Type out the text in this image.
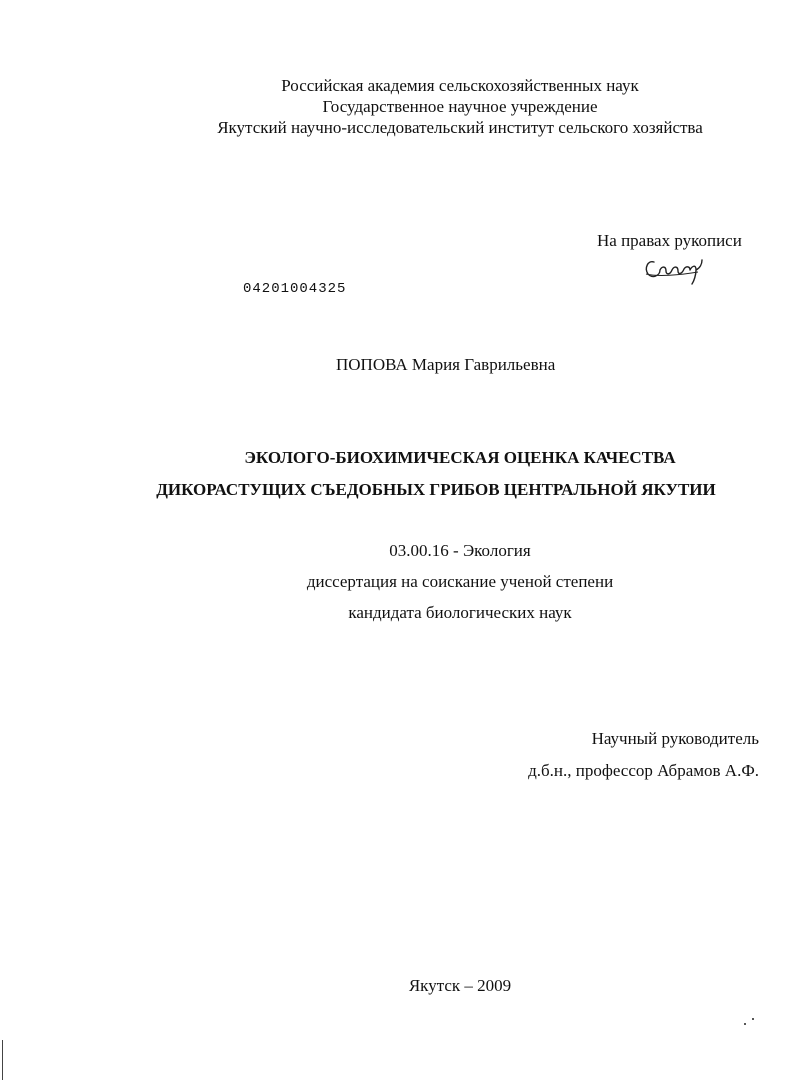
Российская академия сельскохозяйственных наук
Государственное научное учреждение
Якутский научно-исследовательский институт сельского хозяйства
На правах рукописи
04201004325
ПОПОВА Мария Гаврильевна
ЭКОЛОГО-БИОХИМИЧЕСКАЯ ОЦЕНКА КАЧЕСТВА
ДИКОРАСТУЩИХ СЪЕДОБНЫХ ГРИБОВ ЦЕНТРАЛЬНОЙ ЯКУТИИ
03.00.16 - Экология
диссертация на соискание ученой степени
кандидата биологических наук
Научный руководитель
д.б.н., профессор Абрамов А.Ф.
Якутск – 2009
